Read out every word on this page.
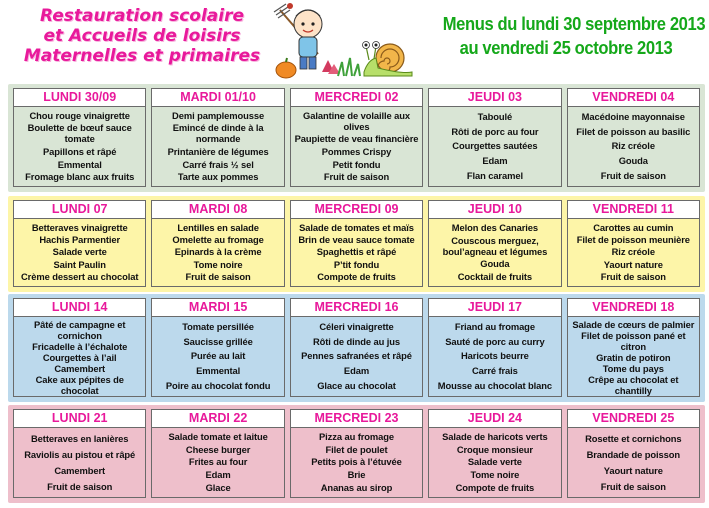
Restauration scolaire
et Accueils de loisirs
Maternelles et primaires
Menus du lundi 30 septembre 2013
au vendredi 25 octobre 2013
LUNDI 30/09
Chou rouge vinaigrette
Boulette de bœuf sauce tomate
Papillons et râpé
Emmental
Fromage blanc aux fruits
MARDI 01/10
Demi pamplemousse
Emincé de dinde à la normande
Printanière de légumes
Carré frais ½ sel
Tarte aux pommes
MERCREDI 02
Galantine de volaille aux olives
Paupiette de veau financière
Pommes Crispy
Petit fondu
Fruit de saison
JEUDI 03
Taboulé
Rôti de porc au four
Courgettes sautées
Edam
Flan caramel
VENDREDI 04
Macédoine mayonnaise
Filet de poisson au basilic
Riz créole
Gouda
Fruit de saison
LUNDI 07
Betteraves vinaigrette
Hachis Parmentier
Salade verte
Saint Paulin
Crème dessert au chocolat
MARDI 08
Lentilles en salade
Omelette au fromage
Epinards à la crème
Tome noire
Fruit de saison
MERCREDI 09
Salade de tomates et maïs
Brin de veau sauce tomate
Spaghettis et râpé
P’tit fondu
Compote de fruits
JEUDI 10
Melon des Canaries
Couscous merguez, boul’agneau et légumes
Gouda
Cocktail de fruits
VENDREDI 11
Carottes au cumin
Filet de poisson meunière
Riz créole
Yaourt nature
Fruit de saison
LUNDI 14
Pâté de campagne et cornichon
Fricadelle à l’échalote
Courgettes à l’ail
Camembert
Cake aux pépites de chocolat
MARDI 15
Tomate persillée
Saucisse grillée
Purée au lait
Emmental
Poire au chocolat fondu
MERCREDI 16
Céleri vinaigrette
Rôti de dinde au jus
Pennes safranées et râpé
Edam
Glace au chocolat
JEUDI 17
Friand au fromage
Sauté de porc au curry
Haricots beurre
Carré frais
Mousse au chocolat blanc
VENDREDI 18
Salade de cœurs de palmier
Filet de poisson pané et citron
Gratin de potiron
Tome du pays
Crêpe au chocolat et chantilly
LUNDI 21
Betteraves en lanières
Raviolis au pistou et râpé
Camembert
Fruit de saison
MARDI 22
Salade tomate et laitue
Cheese burger
Frites au four
Edam
Glace
MERCREDI 23
Pizza au fromage
Filet de poulet
Petits pois à l’étuvée
Brie
Ananas au sirop
JEUDI 24
Salade de haricots verts
Croque monsieur
Salade verte
Tome noire
Compote de fruits
VENDREDI 25
Rosette et cornichons
Brandade de poisson
Yaourt nature
Fruit de saison
